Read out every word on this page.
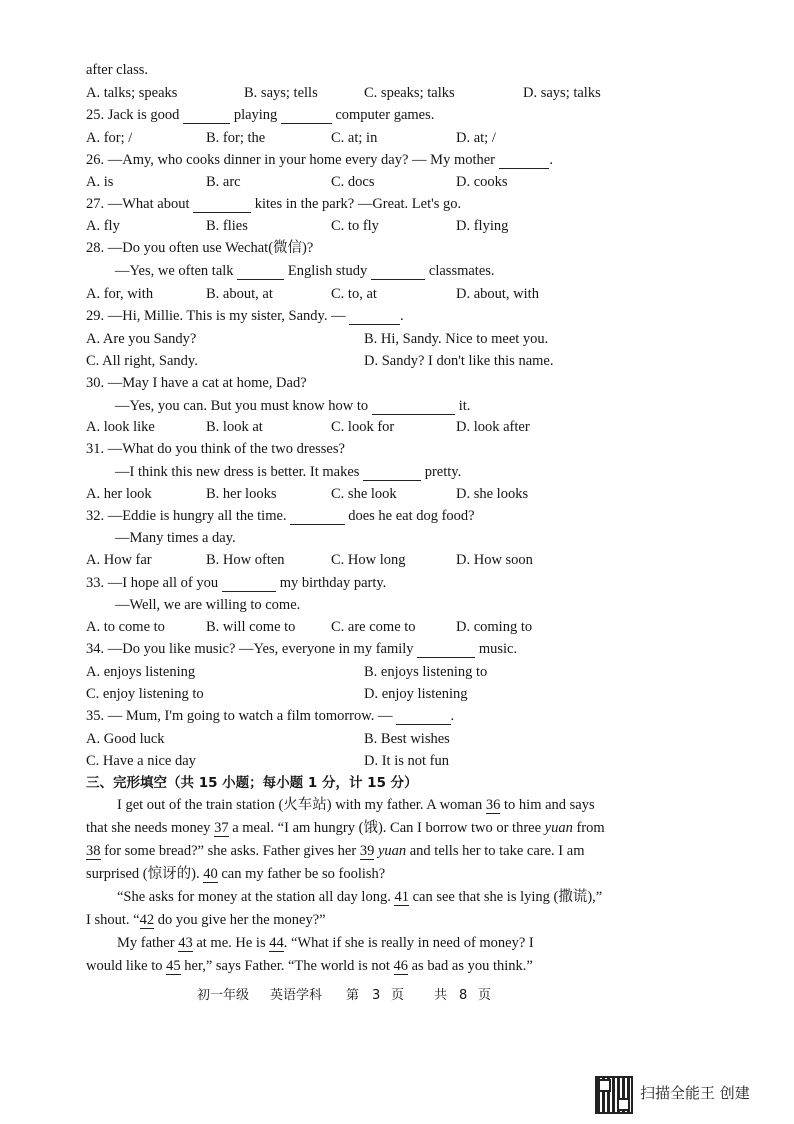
after class.
A. talks; speaks	B. says; tells	C. speaks; talks	D. says; talks
25. Jack is good	playing	computer games.
A. for; /	B. for; the	C. at; in	D. at; /
26. —Amy, who cooks dinner in your home every day? — My mother	.
A. is	B. arc	C. docs	D. cooks
27. —What about	kites in the park? —Great. Let's go.
A. fly	B. flies	C. to fly	D. flying
28. —Do you often use Wechat(微信)?
—Yes, we often talk	English study	classmates.
A. for, with	B. about, at	C. to, at	D. about, with
29. —Hi, Millie. This is my sister, Sandy. —	.
A. Are you Sandy?	B. Hi, Sandy. Nice to meet you.
C. All right, Sandy.	D. Sandy? I don't like this name.
30. —May I have a cat at home, Dad?
—Yes, you can. But you must know how to	it.
A. look like	B. look at	C. look for	D. look after
31. —What do you think of the two dresses?
—I think this new dress is better. It makes	pretty.
A. her look	B. her looks	C. she look	D. she looks
32. —Eddie is hungry all the time.	does he eat dog food?
—Many times a day.
A. How far	B. How often	C. How long	D. How soon
33. —I hope all of you	my birthday party.
—Well, we are willing to come.
A. to come to	B. will come to C. are come to	D. coming to
34. —Do you like music? —Yes, everyone in my family	music.
A. enjoys listening	B. enjoys listening to
C. enjoy listening to	D. enjoy listening
35. — Mum, I'm going to watch a film tomorrow. —	.
A. Good luck	B. Best wishes
C. Have a nice day	D. It is not fun
三、完形填空（共 15 小题；每小题 1 分，计 15 分）
I get out of the train station (火车站) with my father. A woman 36 to him and says
that she needs money 37 a meal. “I am hungry (饿). Can I borrow two or three yuan from
38 for some bread?” she asks. Father gives her 39 yuan and tells her to take care. I am
surprised (惊讶的). 40 can my father be so foolish?
“She asks for money at the station all day long. 41 can see that she is lying (撒谎),”
I shout. “42 do you give her the money?”
My father 43 at me. He is 44. “What if she is really in need of money? I
would like to 45 her,” says Father. “The world is not 46 as bad as you think.”
初一年级 英语学科 第 3 页 共 8 页
扫描全能王 创建
